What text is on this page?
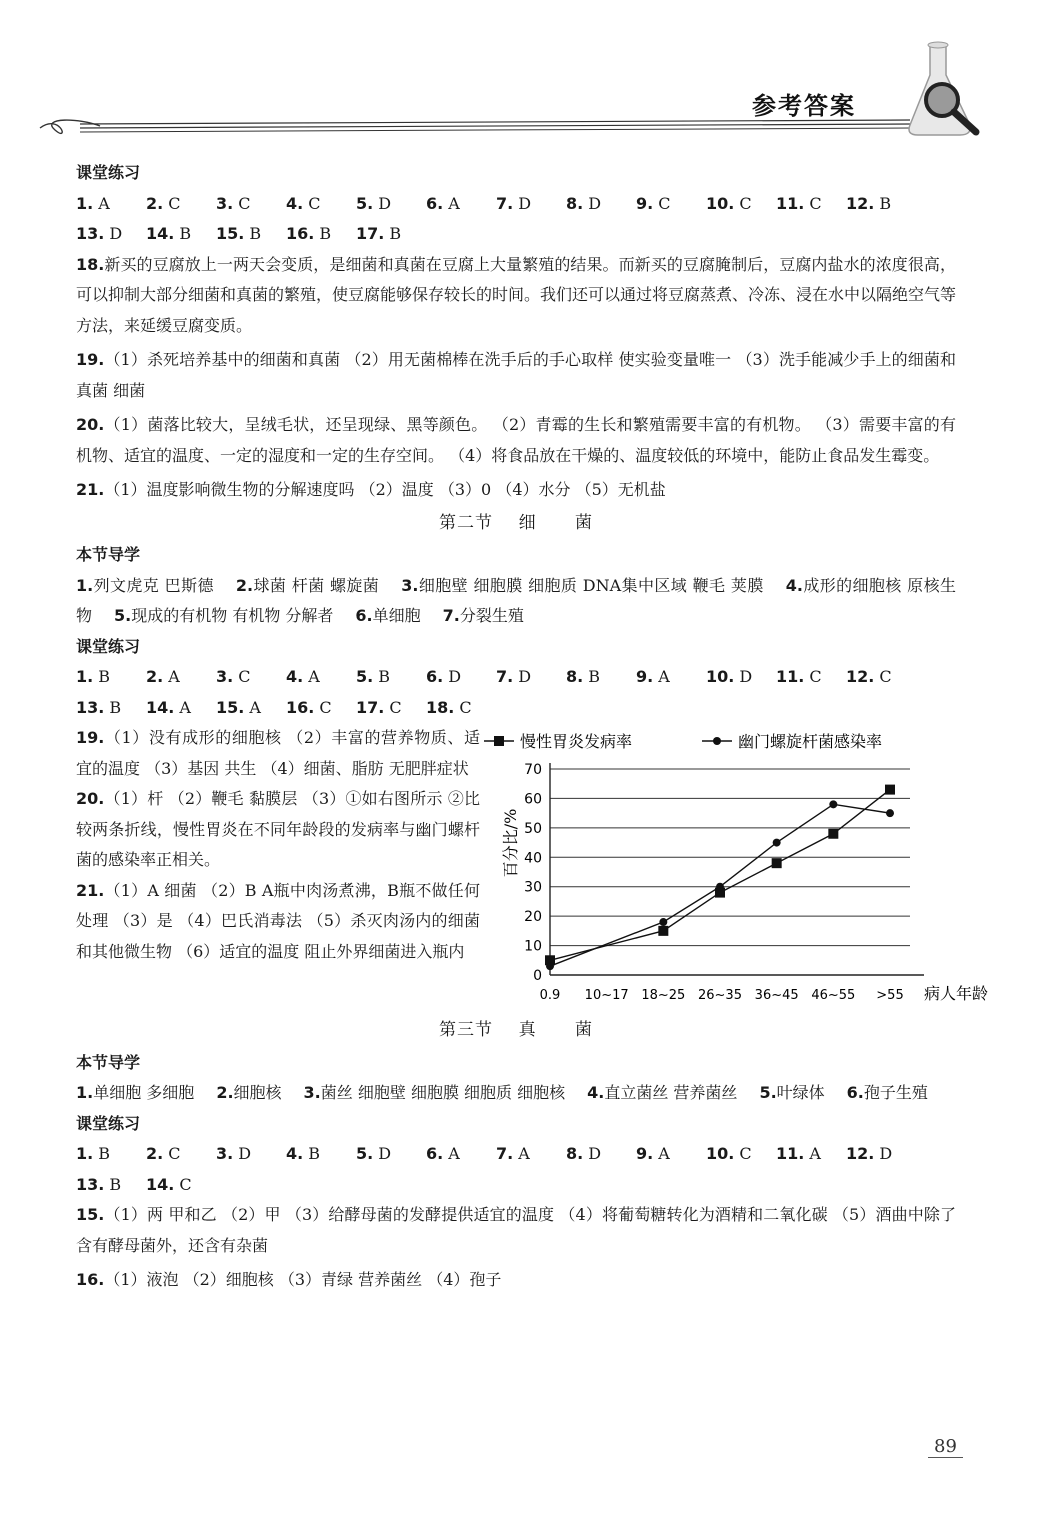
参考答案
课堂练习
1. A	2. C	3. C	4. C	5. D	6. A	7. D	8. D	9. C	10. C	11. C	12. B
13. D	14. B	15. B	16. B	17. B
18.新买的豆腐放上一两天会变质，是细菌和真菌在豆腐上大量繁殖的结果。而新买的豆腐腌制后，豆腐内盐水的浓度很高，可以抑制大部分细菌和真菌的繁殖，使豆腐能够保存较长的时间。我们还可以通过将豆腐蒸煮、冷冻、浸在水中以隔绝空气等方法，来延缓豆腐变质。
19.（1）杀死培养基中的细菌和真菌 （2）用无菌棉棒在洗手后的手心取样 使实验变量唯一 （3）洗手能减少手上的细菌和真菌 细菌
20.（1）菌落比较大，呈绒毛状，还呈现绿、黑等颜色。 （2）青霉的生长和繁殖需要丰富的有机物。 （3）需要丰富的有机物、适宜的温度、一定的湿度和一定的生存空间。 （4）将食品放在干燥的、温度较低的环境中，能防止食品发生霉变。
21.（1）温度影响微生物的分解速度吗 （2）温度 （3）0 （4）水分 （5）无机盐
第二节 细 菌
本节导学
1.列文虎克 巴斯德 2.球菌 杆菌 螺旋菌 3.细胞壁 细胞膜 细胞质 DNA集中区域 鞭毛 荚膜 4.成形的细胞核 原核生物 5.现成的有机物 有机物 分解者 6.单细胞 7.分裂生殖
课堂练习
1. B	2. A	3. C	4. A	5. B	6. D	7. D	8. B	9. A	10. D	11. C	12. C
13. B	14. A	15. A	16. C	17. C	18. C
19.（1）没有成形的细胞核 （2）丰富的营养物质、适宜的温度 （3）基因 共生 （4）细菌、脂肪 无肥胖症状
20.（1）杆 （2）鞭毛 黏膜层 （3）①如右图所示 ②比较两条折线，慢性胃炎在不同年龄段的发病率与幽门螺杆菌的感染率正相关。
21.（1）A 细菌 （2）B A瓶中肉汤煮沸，B瓶不做任何处理 （3）是 （4）巴氏消毒法 （5）杀灭肉汤内的细菌和其他微生物 （6）适宜的温度 阻止外界细菌进入瓶内
0
10
20
30
40
50
60
70
0.9 10~17 18~25 26~35 36~45 46~55 >55 病人年龄
百分比/%
慢性胃炎发病率	幽门螺旋杆菌感染率
第三节 真 菌
本节导学
1.单细胞 多细胞 2.细胞核 3.菌丝 细胞壁 细胞膜 细胞质 细胞核 4.直立菌丝 营养菌丝 5.叶绿体 6.孢子生殖
课堂练习
1. B	2. C	3. D	4. B	5. D	6. A	7. A	8. D	9. A	10. C	11. A	12. D
13. B	14. C
15.（1）两 甲和乙 （2）甲 （3）给酵母菌的发酵提供适宜的温度 （4）将葡萄糖转化为酒精和二氧化碳 （5）酒曲中除了含有酵母菌外，还含有杂菌
16.（1）液泡 （2）细胞核 （3）青绿 营养菌丝 （4）孢子
89
